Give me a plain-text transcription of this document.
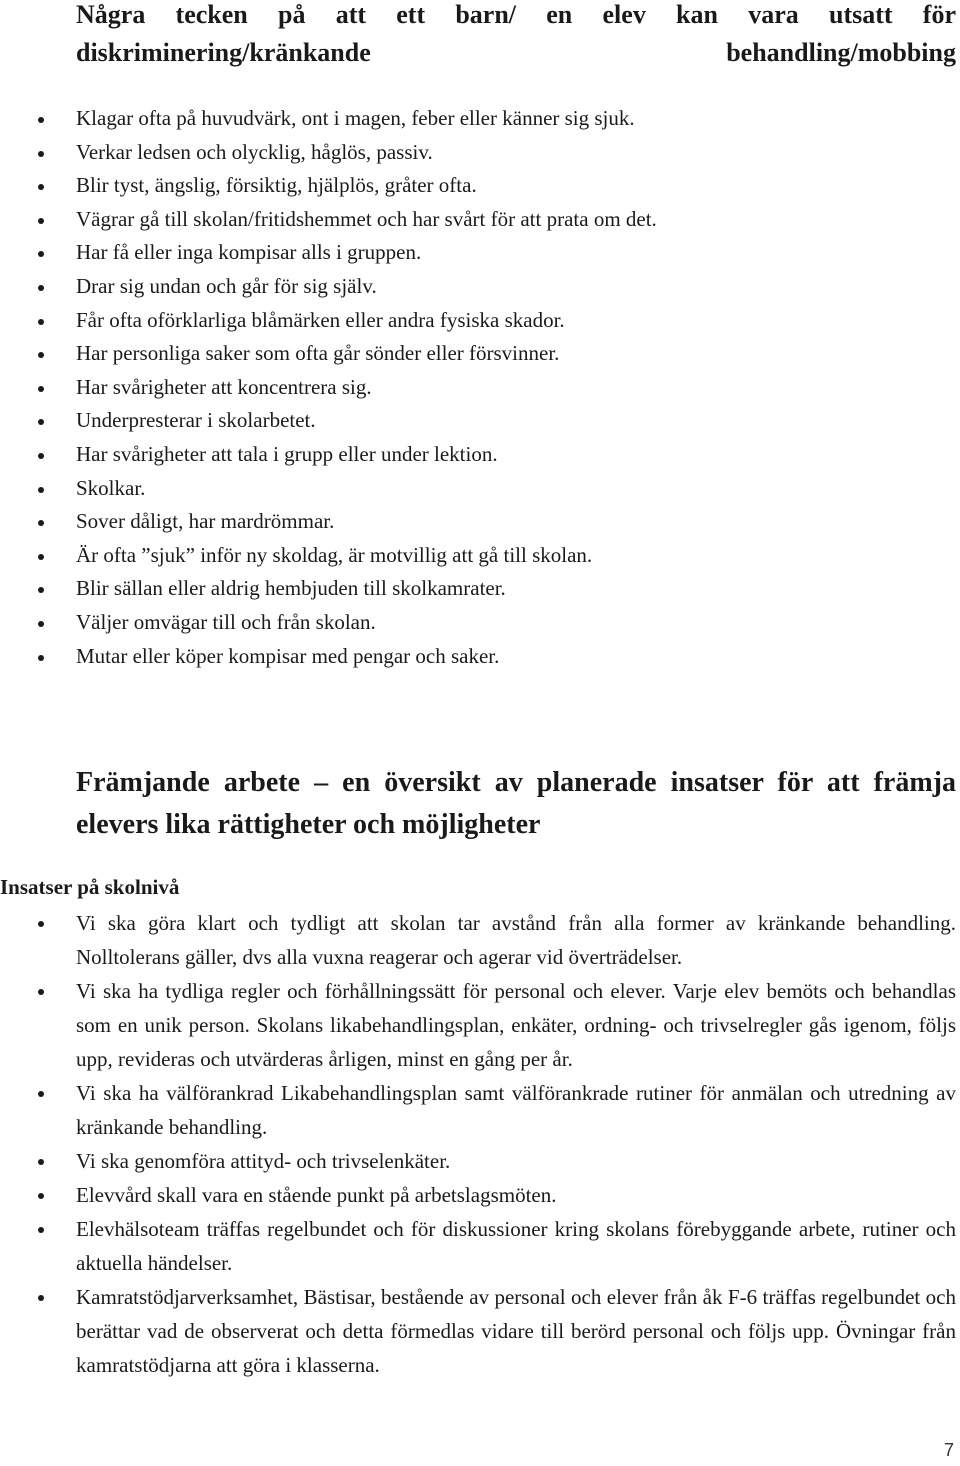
Några tecken på att ett barn/ en elev kan vara utsatt för
diskriminering/kränkande behandling/mobbing
Klagar ofta på huvudvärk, ont i magen, feber eller känner sig sjuk.
Verkar ledsen och olycklig, håglös, passiv.
Blir tyst, ängslig, försiktig, hjälplös, gråter ofta.
Vägrar gå till skolan/fritidshemmet och har svårt för att prata om det.
Har få eller inga kompisar alls i gruppen.
Drar sig undan och går för sig själv.
Får ofta oförklarliga blåmärken eller andra fysiska skador.
Har personliga saker som ofta går sönder eller försvinner.
Har svårigheter att koncentrera sig.
Underpresterar i skolarbetet.
Har svårigheter att tala i grupp eller under lektion.
Skolkar.
Sover dåligt, har mardrömmar.
Är ofta ”sjuk” inför ny skoldag, är motvillig att gå till skolan.
Blir sällan eller aldrig hembjuden till skolkamrater.
Väljer omvägar till och från skolan.
Mutar eller köper kompisar med pengar och saker.
Främjande arbete – en översikt av planerade insatser för att främja elevers lika rättigheter och möjligheter
Insatser på skolnivå
Vi ska göra klart och tydligt att skolan tar avstånd från alla former av kränkande behandling. Nolltolerans gäller, dvs alla vuxna reagerar och agerar vid överträdelser.
Vi ska ha tydliga regler och förhållningssätt för personal och elever. Varje elev bemöts och behandlas som en unik person. Skolans likabehandlingsplan, enkäter, ordning- och trivselregler gås igenom, följs upp, revideras och utvärderas årligen, minst en gång per år.
Vi ska ha välförankrad Likabehandlingsplan samt välförankrade rutiner för anmälan och utredning av kränkande behandling.
Vi ska genomföra attityd- och trivselenkäter.
Elevvård skall vara en stående punkt på arbetslagsmöten.
Elevhälsoteam träffas regelbundet och för diskussioner kring skolans förebyggande arbete, rutiner och aktuella händelser.
Kamratstödjarverksamhet, Bästisar, bestående av personal och elever från åk F-6 träffas regelbundet och berättar vad de observerat och detta förmedlas vidare till berörd personal och följs upp. Övningar från kamratstödjarna att göra i klasserna.
7
